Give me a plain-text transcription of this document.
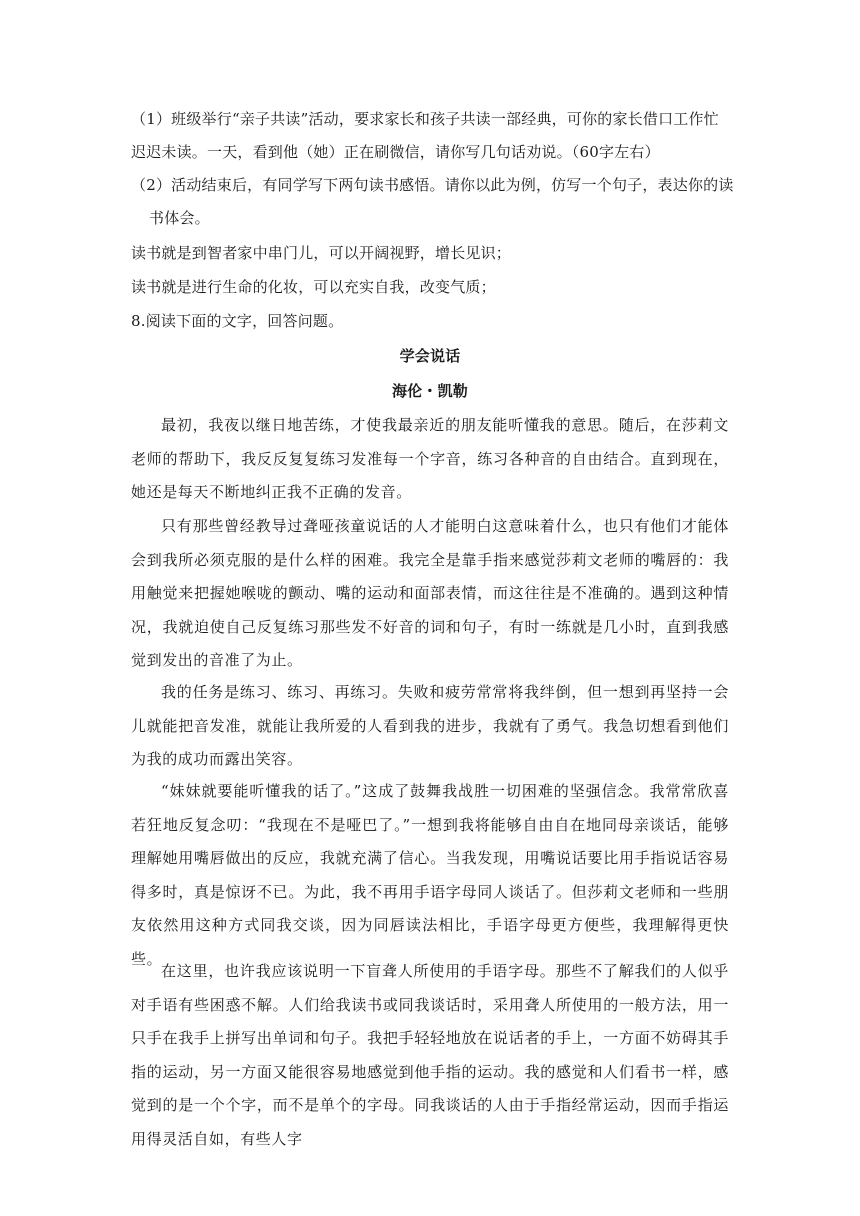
（1）班级举行“亲子共读”活动，要求家长和孩子共读一部经典，可你的家长借口工作忙
迟迟未读。一天，看到他（她）正在刷微信，请你写几句话劝说。（60字左右）
（2）活动结束后，有同学写下两句读书感悟。请你以此为例，仿写一个句子，表达你的读
书体会。
读书就是到智者家中串门儿，可以开阔视野，增长见识；
读书就是进行生命的化妆，可以充实自我，改变气质；
8.阅读下面的文字，回答问题。
学会说话
海伦・凯勒
最初，我夜以继日地苦练，才使我最亲近的朋友能听懂我的意思。随后，在莎莉文老师的帮助下，我反反复复练习发准每一个字音，练习各种音的自由结合。直到现在，她还是每天不断地纠正我不正确的发音。
只有那些曾经教导过聋哑孩童说话的人才能明白这意味着什么，也只有他们才能体会到我所必须克服的是什么样的困难。我完全是靠手指来感觉莎莉文老师的嘴唇的：我用触觉来把握她喉咙的颤动、嘴的运动和面部表情，而这往往是不准确的。遇到这种情况，我就迫使自己反复练习那些发不好音的词和句子，有时一练就是几小时，直到我感觉到发出的音准了为止。
我的任务是练习、练习、再练习。失败和疲劳常常将我绊倒，但一想到再坚持一会儿就能把音发准，就能让我所爱的人看到我的进步，我就有了勇气。我急切想看到他们为我的成功而露出笑容。
“妹妹就要能听懂我的话了。”这成了鼓舞我战胜一切困难的坚强信念。我常常欣喜若狂地反复念叨：“我现在不是哑巴了。”一想到我将能够自由自在地同母亲谈话，能够理解她用嘴唇做出的反应，我就充满了信心。当我发现，用嘴说话要比用手指说话容易得多时，真是惊讶不已。为此，我不再用手语字母同人谈话了。但莎莉文老师和一些朋友依然用这种方式同我交谈，因为同唇读法相比，手语字母更方便些，我理解得更快些。
在这里，也许我应该说明一下盲聋人所使用的手语字母。那些不了解我们的人似乎对手语有些困惑不解。人们给我读书或同我谈话时，采用聋人所使用的一般方法，用一只手在我手上拼写出单词和句子。我把手轻轻地放在说话者的手上，一方面不妨碍其手指的运动，另一方面又能很容易地感觉到他手指的运动。我的感觉和人们看书一样，感觉到的是一个个字，而不是单个的字母。同我谈话的人由于手指经常运动，因而手指运用得灵活自如，有些人字
